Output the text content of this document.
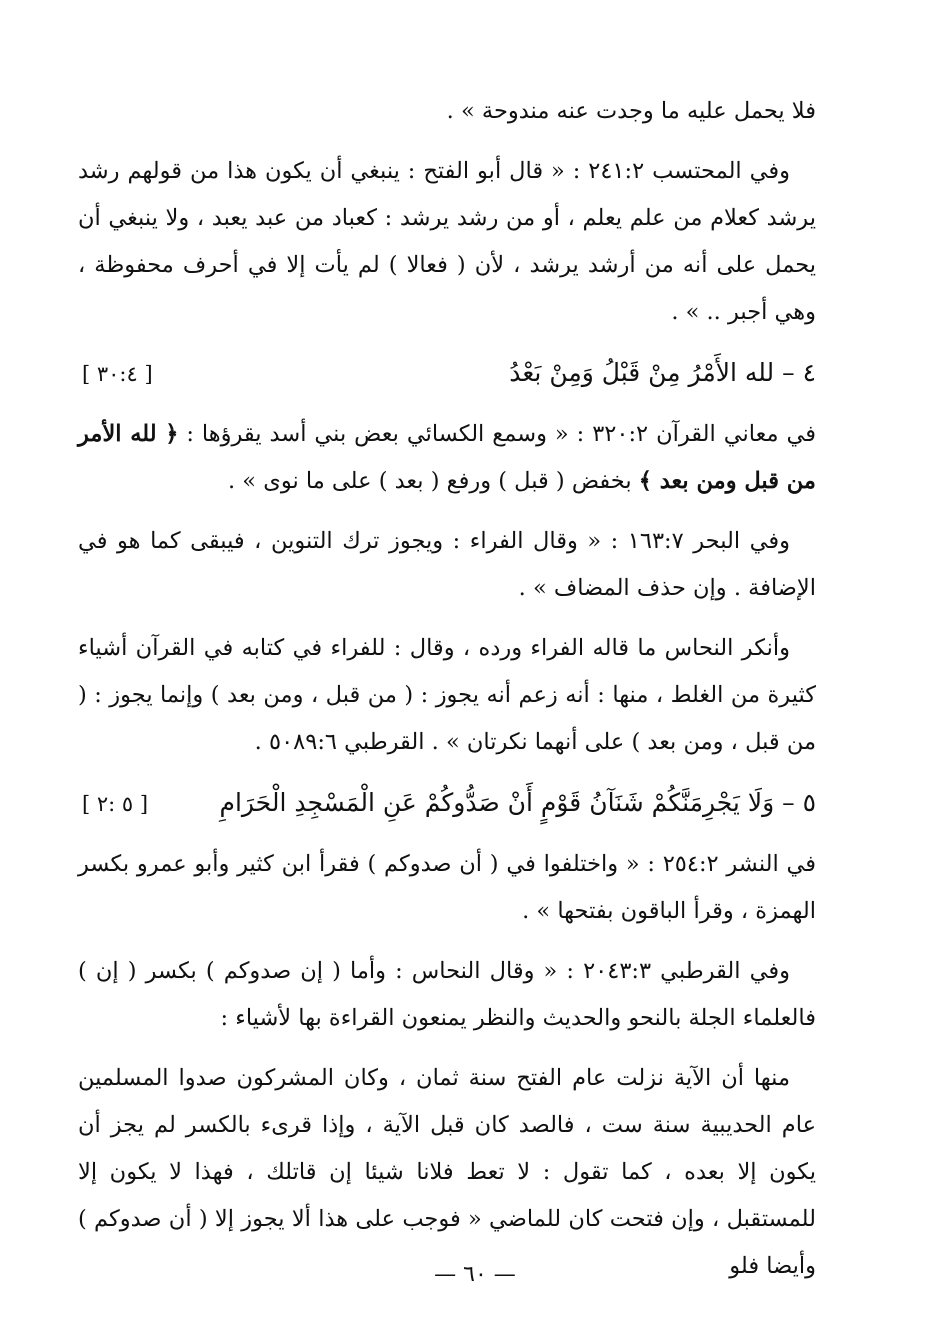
فلا يحمل عليه ما وجدت عنه مندوحة » .

وفي المحتسب ٢٤١:٢ : « قال أبو الفتح : ينبغي أن يكون هذا من قولهم رشد يرشد كعلام من علم يعلم ، أو من رشد يرشد : كعباد من عبد يعبد ، ولا ينبغي أن يحمل على أنه من أرشد يرشد ، لأن ( فعالا ) لم يأت إلا في أحرف محفوظة ، وهي أجبر .. » .

٤ – لله الأَمْرُ مِنْ قَبْلُ وَمِنْ بَعْدُ
[ ٣٠:٤ ]

في معاني القرآن ٣٢٠:٢ : « وسمع الكسائي بعض بني أسد يقرؤها : ﴿ لله الأمر من قبل ومن بعد ﴾ بخفض ( قبل ) ورفع ( بعد ) على ما نوى » .

وفي البحر ١٦٣:٧ : « وقال الفراء : ويجوز ترك التنوين ، فيبقى كما هو في الإضافة . وإن حذف المضاف » .

وأنكر النحاس ما قاله الفراء ورده ، وقال : للفراء في كتابه في القرآن أشياء كثيرة من الغلط ، منها : أنه زعم أنه يجوز : ( من قبل ، ومن بعد ) وإنما يجوز : ( من قبل ، ومن بعد ) على أنهما نكرتان » . القرطبي ٥٠٨٩:٦ .

٥ – وَلَا يَجْرِمَنَّكُمْ شَنَآنُ قَوْمٍ أَنْ صَدُّوكُمْ عَنِ الْمَسْجِدِ الْحَرَامِ
[ ٥ :٢ ]

في النشر ٢٥٤:٢ : « واختلفوا في ( أن صدوكم ) فقرأ ابن كثير وأبو عمرو بكسر الهمزة ، وقرأ الباقون بفتحها » .

وفي القرطبي ٢٠٤٣:٣ : « وقال النحاس : وأما ( إن صدوكم ) بكسر ( إن ) فالعلماء الجلة بالنحو والحديث والنظر يمنعون القراءة بها لأشياء :

منها أن الآية نزلت عام الفتح سنة ثمان ، وكان المشركون صدوا المسلمين عام الحديبية سنة ست ، فالصد كان قبل الآية ، وإذا قرىء بالكسر لم يجز أن يكون إلا بعده ، كما تقول : لا تعط فلانا شيئا إن قاتلك ، فهذا لا يكون إلا للمستقبل ، وإن فتحت كان للماضي « فوجب على هذا ألا يجوز إلا ( أن صدوكم ) وأيضا فلو

— ٦٠ —
